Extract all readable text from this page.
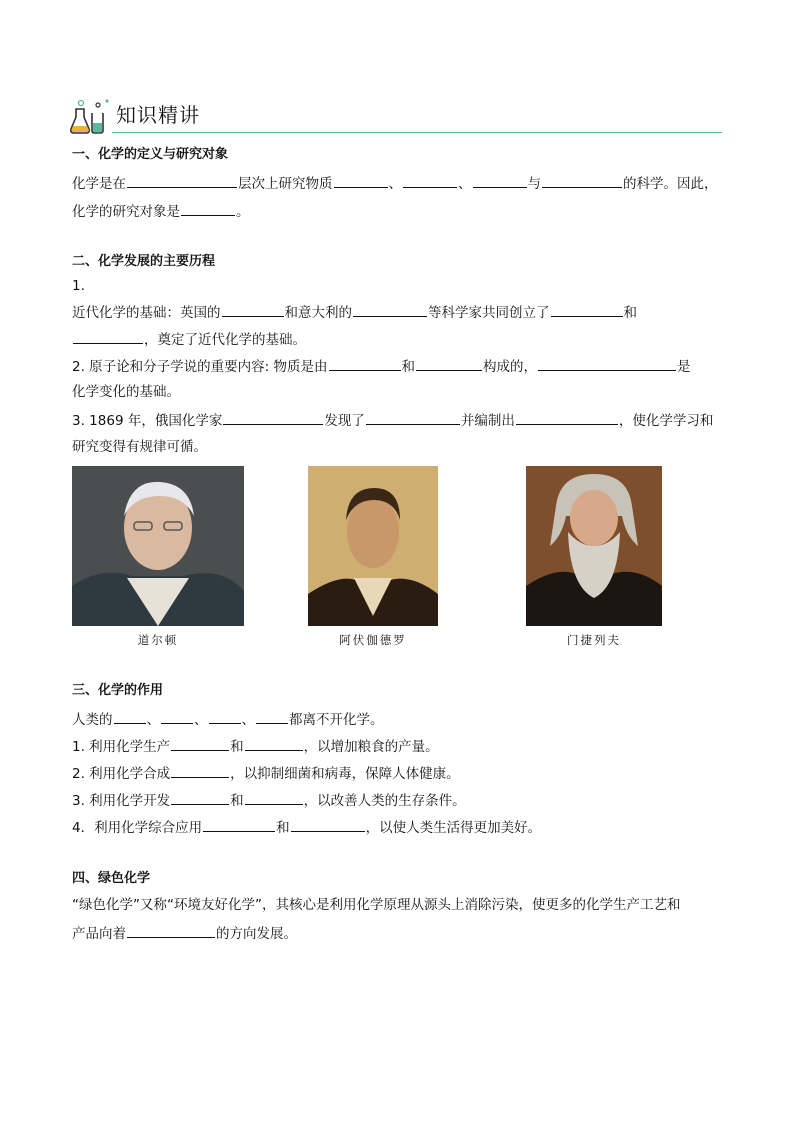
知识精讲
一、化学的定义与研究对象
化学是在	层次上研究物质	、	、	与	的科学。因此，
化学的研究对象是	。
二、化学发展的主要历程
1.
近代化学的基础：英国的	和意大利的	等科学家共同创立了	和
，奠定了近代化学的基础。
2. 原子论和分子学说的重要内容: 物质是由	和	构成的，	是
化学变化的基础。
3. 1869 年，俄国化学家	发现了	并编制出	，使化学学习和
研究变得有规律可循。
道尔顿	阿伏伽德罗	门捷列夫
三、化学的作用
人类的	、	、	、	都离不开化学。
1. 利用化学生产	和	，以增加粮食的产量。
2. 利用化学合成	，以抑制细菌和病毒，保障人体健康。
3. 利用化学开发	和	，以改善人类的生存条件。
4．利用化学综合应用	和	，以使人类生活得更加美好。
四、绿色化学
“绿色化学”又称“环境友好化学”，其核心是利用化学原理从源头上消除污染，使更多的化学生产工艺和
产品向着	的方向发展。
